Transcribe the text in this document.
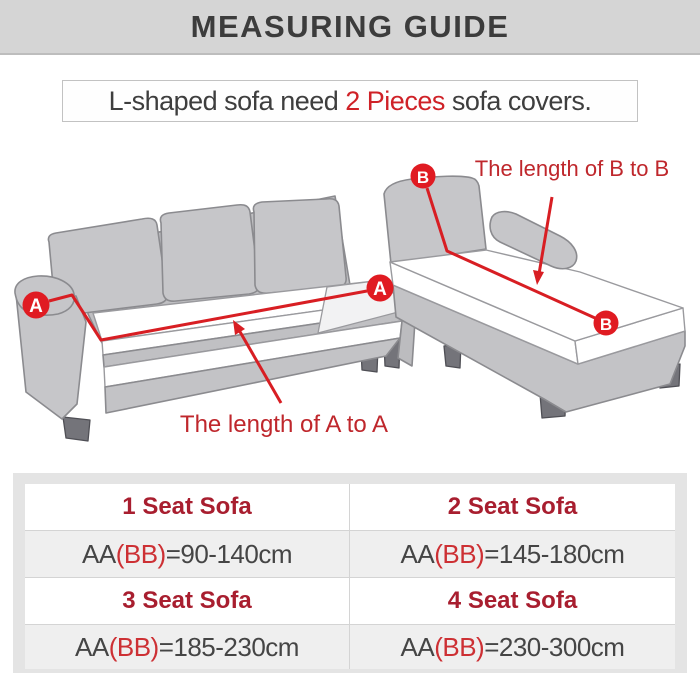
MEASURING GUIDE
L-shaped sofa need 2 Pieces sofa covers.
A
A
B
B
The length of B to B
The length of A to A
1 Seat Sofa	2 Seat Sofa
AA (BB) =90-140cm	AA (BB) =145-180cm
3 Seat Sofa	4 Seat Sofa
AA (BB) =185-230cm	AA (BB) =230-300cm
